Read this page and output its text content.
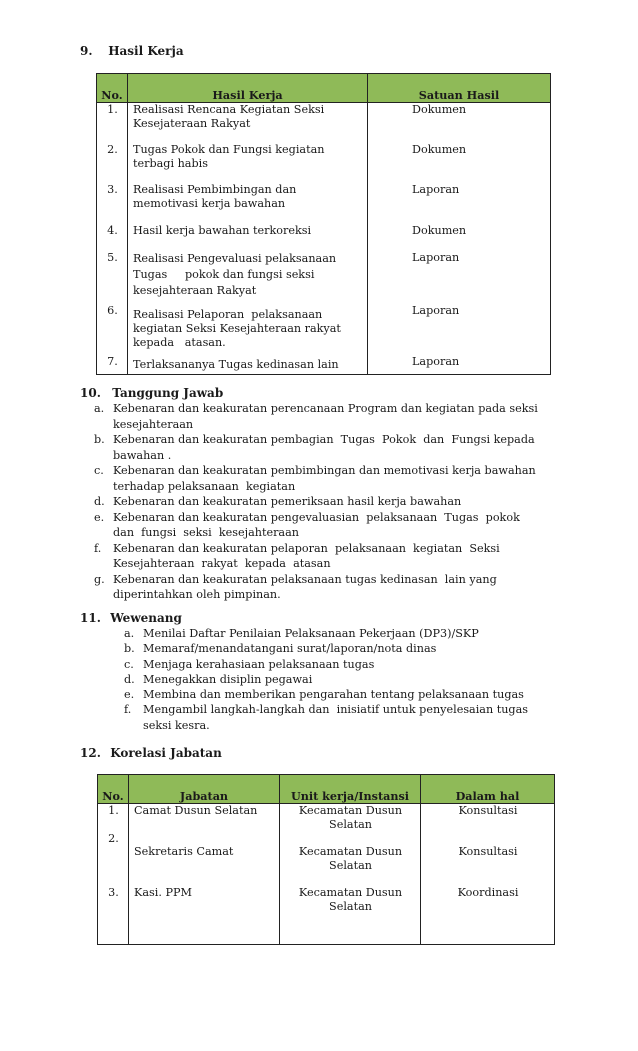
9. Hasil Kerja
No.	Hasil Kerja	Satuan Hasil
1.	Realisasi Rencana Kegiatan Seksi
Kesejateraan Rakyat	Dokumen
2.	Tugas Pokok dan Fungsi kegiatan
terbagi habis	Dokumen
3.	Realisasi Pembimbingan dan
memotivasi kerja bawahan	Laporan
4.	Hasil kerja bawahan terkoreksi	Dokumen
5.	Realisasi Pengevaluasi pelaksanaan
Tugas     pokok dan fungsi seksi
kesejahteraan Rakyat	Laporan
6.	Realisasi Pelaporan  pelaksanaan
kegiatan Seksi Kesejahteraan rakyat
kepada   atasan.	Laporan
7.	Terlaksananya Tugas kedinasan lain	Laporan
10. Tanggung Jawab
a. Kebenaran dan keakuratan perencanaan Program dan kegiatan pada seksi
kesejahteraan
b. Kebenaran dan keakuratan pembagian  Tugas  Pokok  dan  Fungsi kepada
bawahan .
c. Kebenaran dan keakuratan pembimbingan dan memotivasi kerja bawahan
terhadap pelaksanaan  kegiatan
d. Kebenaran dan keakuratan pemeriksaan hasil kerja bawahan
e. Kebenaran dan keakuratan pengevaluasian  pelaksanaan  Tugas  pokok
dan  fungsi  seksi  kesejahteraan
f.	Kebenaran dan keakuratan pelaporan  pelaksanaan  kegiatan  Seksi
Kesejahteraan  rakyat  kepada  atasan
g. Kebenaran dan keakuratan pelaksanaan tugas kedinasan  lain yang
diperintahkan oleh pimpinan.
11. Wewenang
a. Menilai Daftar Penilaian Pelaksanaan Pekerjaan (DP3)/SKP
b. Memaraf/menandatangani surat/laporan/nota dinas
c. Menjaga kerahasiaan pelaksanaan tugas
d. Menegakkan disiplin pegawai
e. Membina dan memberikan pengarahan tentang pelaksanaan tugas
f.	Mengambil langkah-langkah dan  inisiatif untuk penyelesaian tugas
seksi kesra.
12. Korelasi Jabatan
No.	Jabatan	Unit kerja/Instansi	Dalam hal
1.	Camat Dusun Selatan	Kecamatan Dusun
Selatan	Konsultasi

2.	Sekretaris Camat	Kecamatan Dusun
Selatan	Konsultasi
3.	Kasi. PPM	Kecamatan Dusun
Selatan	Koordinasi
